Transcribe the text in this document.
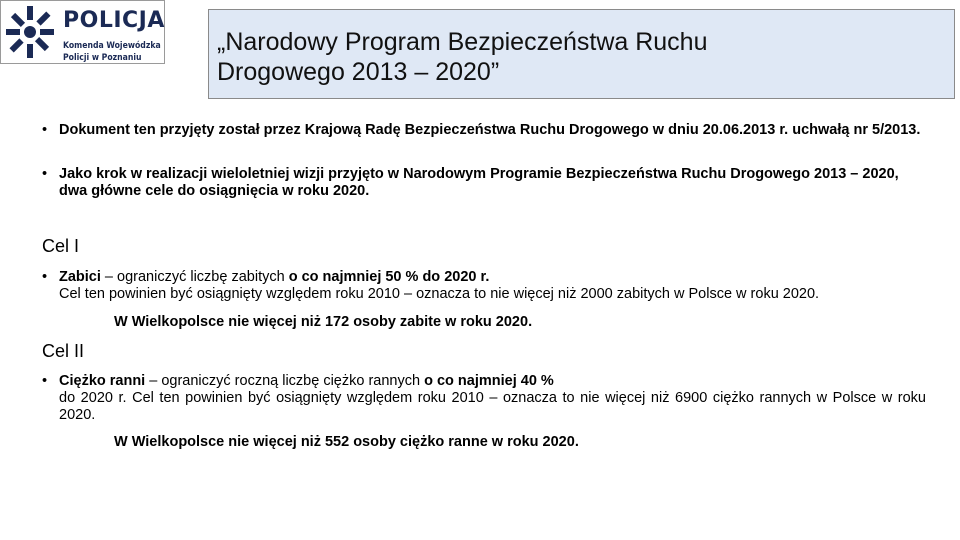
POLICJA
Komenda Wojewódzka
Policji w Poznaniu
„Narodowy Program Bezpieczeństwa Ruchu
Drogowego 2013 – 2020”
• Dokument ten przyjęty został przez Krajową Radę Bezpieczeństwa Ruchu Drogowego w dniu 20.06.2013 r. uchwałą nr 5/2013.
• Jako krok w realizacji wieloletniej wizji przyjęto w Narodowym Programie Bezpieczeństwa Ruchu Drogowego 2013 – 2020, dwa główne cele do osiągnięcia w roku 2020.
Cel I
• Zabici – ograniczyć liczbę zabitych o co najmniej 50 % do 2020 r.
Cel ten powinien być osiągnięty względem roku 2010 – oznacza to nie więcej niż 2000 zabitych w Polsce w roku 2020.
W Wielkopolsce nie więcej niż 172 osoby zabite w roku 2020.
Cel II
• Ciężko ranni – ograniczyć roczną liczbę ciężko rannych o co najmniej 40 %
do 2020 r. Cel ten powinien być osiągnięty względem roku 2010 – oznacza to nie więcej niż 6900 ciężko rannych w Polsce w roku 2020.
W Wielkopolsce nie więcej niż 552 osoby ciężko ranne w roku 2020.
